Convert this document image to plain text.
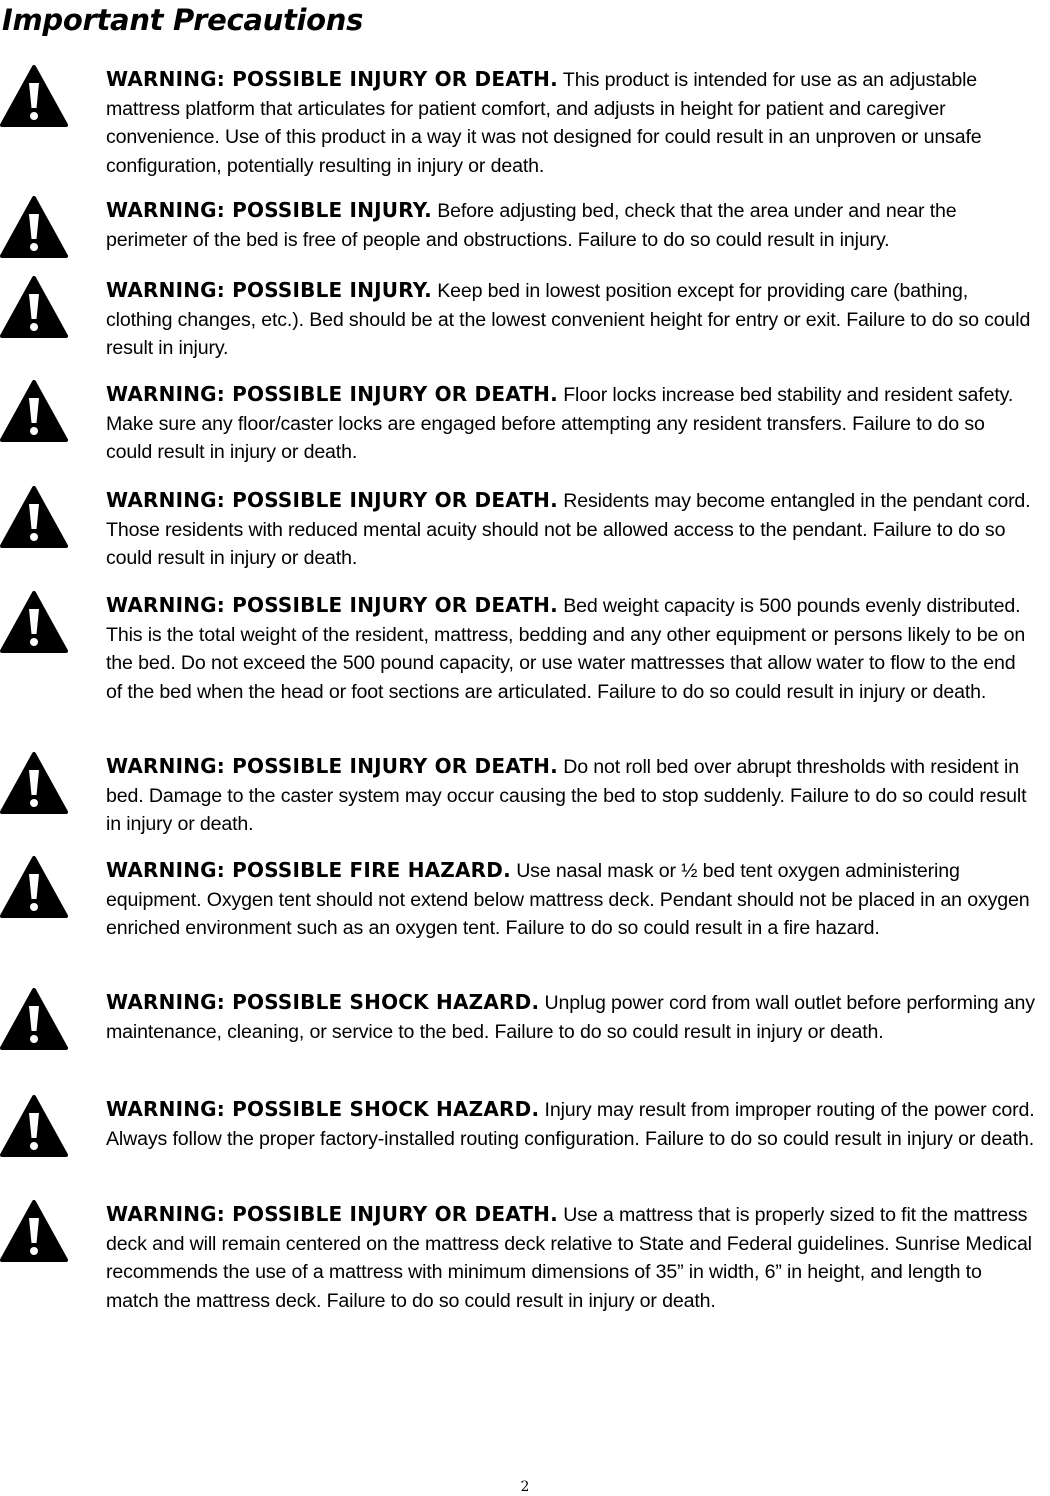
Important Precautions

WARNING: POSSIBLE INJURY OR DEATH. This product is intended for use as an adjustable mattress platform that articulates for patient comfort, and adjusts in height for patient and caregiver convenience. Use of this product in a way it was not designed for could result in an unproven or unsafe configuration, potentially resulting in injury or death.

WARNING: POSSIBLE INJURY. Before adjusting bed, check that the area under and near the perimeter of the bed is free of people and obstructions. Failure to do so could result in injury.

WARNING: POSSIBLE INJURY. Keep bed in lowest position except for providing care (bathing, clothing changes, etc.). Bed should be at the lowest convenient height for entry or exit. Failure to do so could result in injury.

WARNING: POSSIBLE INJURY OR DEATH. Floor locks increase bed stability and resident safety. Make sure any floor/caster locks are engaged before attempting any resident transfers. Failure to do so could result in injury or death.

WARNING: POSSIBLE INJURY OR DEATH. Residents may become entangled in the pendant cord. Those residents with reduced mental acuity should not be allowed access to the pendant. Failure to do so could result in injury or death.

WARNING: POSSIBLE INJURY OR DEATH. Bed weight capacity is 500 pounds evenly distributed. This is the total weight of the resident, mattress, bedding and any other equipment or persons likely to be on the bed. Do not exceed the 500 pound capacity, or use water mattresses that allow water to flow to the end of the bed when the head or foot sections are articulated. Failure to do so could result in injury or death.

WARNING: POSSIBLE INJURY OR DEATH. Do not roll bed over abrupt thresholds with resident in bed. Damage to the caster system may occur causing the bed to stop suddenly. Failure to do so could result in injury or death.

WARNING: POSSIBLE FIRE HAZARD. Use nasal mask or ½ bed tent oxygen administering equipment. Oxygen tent should not extend below mattress deck. Pendant should not be placed in an oxygen enriched environment such as an oxygen tent. Failure to do so could result in a fire hazard.

WARNING: POSSIBLE SHOCK HAZARD. Unplug power cord from wall outlet before performing any maintenance, cleaning, or service to the bed. Failure to do so could result in injury or death.

WARNING: POSSIBLE SHOCK HAZARD. Injury may result from improper routing of the power cord. Always follow the proper factory-installed routing configuration. Failure to do so could result in injury or death.

WARNING: POSSIBLE INJURY OR DEATH. Use a mattress that is properly sized to fit the mattress deck and will remain centered on the mattress deck relative to State and Federal guidelines. Sunrise Medical recommends the use of a mattress with minimum dimensions of 35” in width, 6” in height, and length to match the mattress deck. Failure to do so could result in injury or death.

2
